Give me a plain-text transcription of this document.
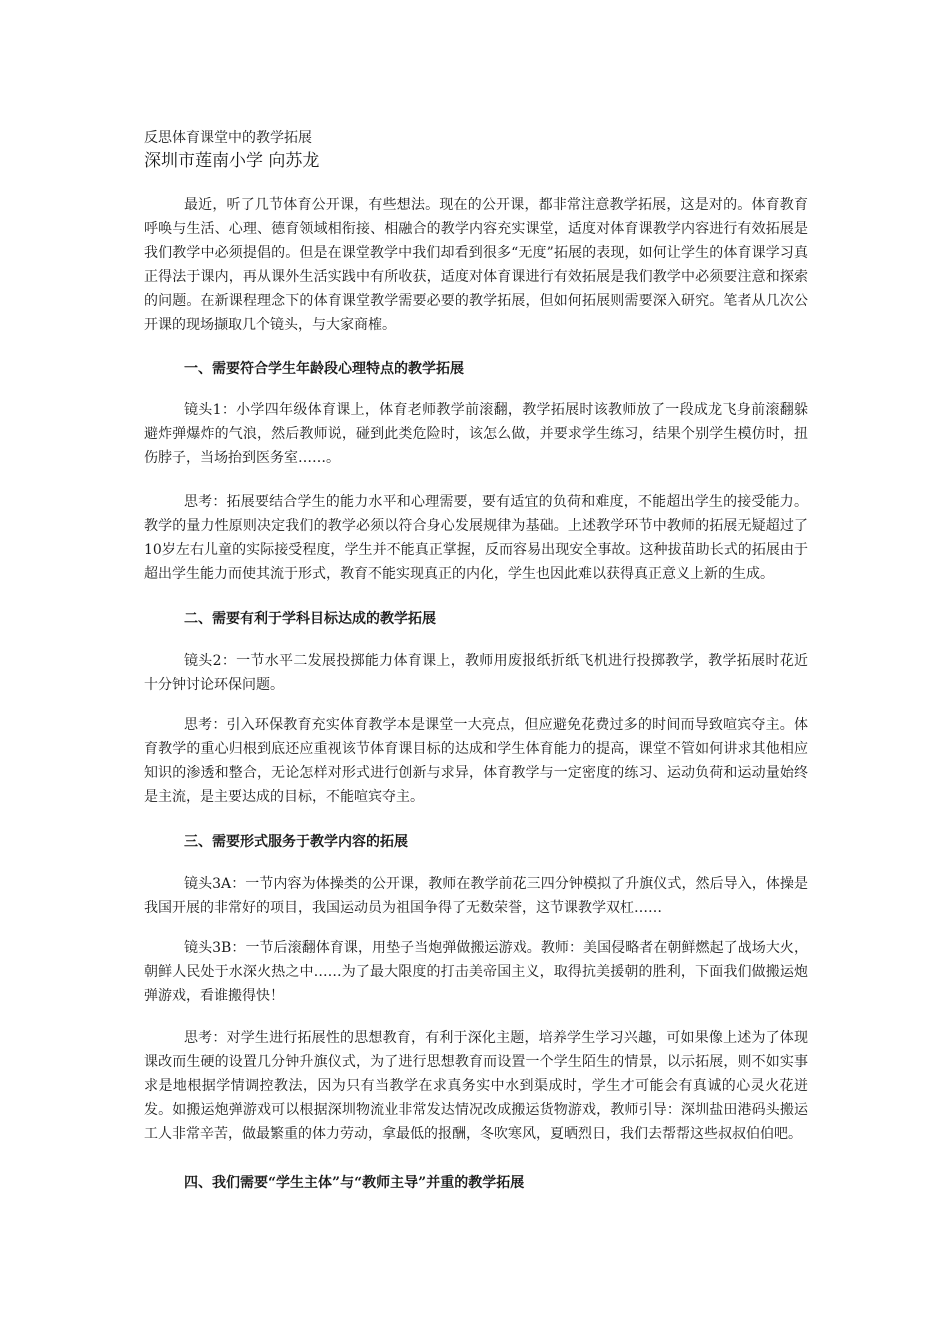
反思体育课堂中的教学拓展
深圳市莲南小学 向苏龙

最近，听了几节体育公开课，有些想法。现在的公开课，都非常注意教学拓展，这是对的。体育教育呼唤与生活、心理、德育领域相衔接、相融合的教学内容充实课堂，适度对体育课教学内容进行有效拓展是我们教学中必须提倡的。但是在课堂教学中我们却看到很多“无度”拓展的表现，如何让学生的体育课学习真正得法于课内，再从课外生活实践中有所收获，适度对体育课进行有效拓展是我们教学中必须要注意和探索的问题。在新课程理念下的体育课堂教学需要必要的教学拓展，但如何拓展则需要深入研究。笔者从几次公开课的现场撷取几个镜头，与大家商榷。

一、需要符合学生年龄段心理特点的教学拓展

镜头1：小学四年级体育课上，体育老师教学前滚翻，教学拓展时该教师放了一段成龙飞身前滚翻躲避炸弹爆炸的气浪，然后教师说，碰到此类危险时，该怎么做，并要求学生练习，结果个别学生模仿时，扭伤脖子，当场抬到医务室……。

思考：拓展要结合学生的能力水平和心理需要，要有适宜的负荷和难度，不能超出学生的接受能力。教学的量力性原则决定我们的教学必须以符合身心发展规律为基础。上述教学环节中教师的拓展无疑超过了10岁左右儿童的实际接受程度，学生并不能真正掌握，反而容易出现安全事故。这种拔苗助长式的拓展由于超出学生能力而使其流于形式，教育不能实现真正的内化，学生也因此难以获得真正意义上新的生成。

二、需要有利于学科目标达成的教学拓展

镜头2：一节水平二发展投掷能力体育课上，教师用废报纸折纸飞机进行投掷教学，教学拓展时花近十分钟讨论环保问题。

思考：引入环保教育充实体育教学本是课堂一大亮点，但应避免花费过多的时间而导致喧宾夺主。体育教学的重心归根到底还应重视该节体育课目标的达成和学生体育能力的提高，课堂不管如何讲求其他相应知识的渗透和整合，无论怎样对形式进行创新与求异，体育教学与一定密度的练习、运动负荷和运动量始终是主流，是主要达成的目标，不能喧宾夺主。

三、需要形式服务于教学内容的拓展

镜头3A：一节内容为体操类的公开课，教师在教学前花三四分钟模拟了升旗仪式，然后导入，体操是我国开展的非常好的项目，我国运动员为祖国争得了无数荣誉，这节课教学双杠……

镜头3B：一节后滚翻体育课，用垫子当炮弹做搬运游戏。教师：美国侵略者在朝鲜燃起了战场大火，朝鲜人民处于水深火热之中……为了最大限度的打击美帝国主义，取得抗美援朝的胜利，下面我们做搬运炮弹游戏，看谁搬得快！

思考：对学生进行拓展性的思想教育，有利于深化主题，培养学生学习兴趣，可如果像上述为了体现课改而生硬的设置几分钟升旗仪式，为了进行思想教育而设置一个学生陌生的情景，以示拓展，则不如实事求是地根据学情调控教法，因为只有当教学在求真务实中水到渠成时，学生才可能会有真诚的心灵火花迸发。如搬运炮弹游戏可以根据深圳物流业非常发达情况改成搬运货物游戏，教师引导：深圳盐田港码头搬运工人非常辛苦，做最繁重的体力劳动，拿最低的报酬，冬吹寒风，夏晒烈日，我们去帮帮这些叔叔伯伯吧。

四、我们需要“学生主体”与“教师主导”并重的教学拓展
